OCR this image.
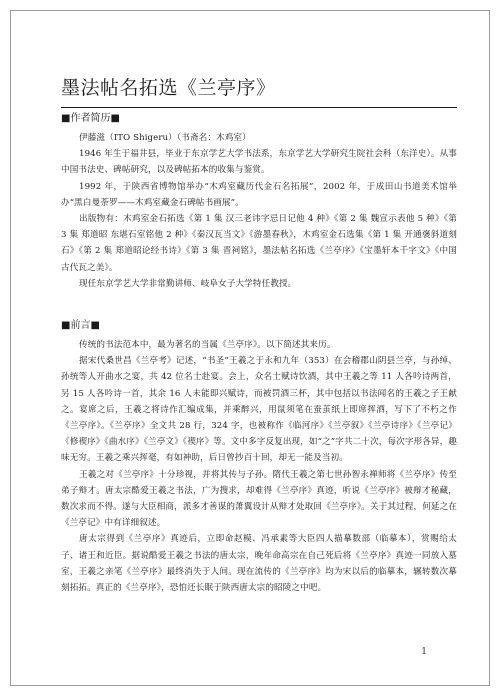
墨法帖名拓选《兰亭序》

■作者简历■

伊藤滋（ITO Shigeru）（书斋名：木鸡室）

1946 年生于福井县，毕业于东京学艺大学书法系，东京学艺大学研究生院社会科（东洋史）。从事中国书法史、碑帖研究，以及碑帖拓本的收集与鉴赏。

1992 年，于陕西省博物馆举办“木鸡室藏历代金石名拓展”，2002 年，于成田山书道美术馆举办“黑白曼荼罗——木鸡室藏金石碑帖书画展”。

出版物有：木鸡室金石拓选《第 1 集 汉三老讳字忌日记他 4 种》《第 2 集 魏宣示表他 5 种》《第 3 集 郑道昭 东堪石室铭他 2 种》《秦汉瓦当文》《游墨春秋》，木鸡室金石选集《第 1 集 开通褒斜道刻石》《第 2 集 郑道昭论经书诗》《第 3 集 晋祠铭》，墨法帖名拓选《兰亭序》《宝墨轩本千字文》《中国古代瓦之美》。

现任东京学艺大学非常勤讲师、岐阜女子大学特任教授。

■前言■

传统的书法范本中，最为著名的当属《兰亭序》。以下简述其来历。

据宋代桑世昌《兰亭考》记述，“书圣”王羲之于永和九年（353）在会稽郡山阴县兰亭，与孙绰、孙统等人开曲水之宴，共 42 位名士赴宴。会上，众名士赋诗饮酒，其中王羲之等 11 人各吟诗两首，另 15 人各吟诗一首，其余 16 人未能即兴赋诗，而被罚酒三杯，其中包括以书法闻名的王羲之子王献之。宴席之后，王羲之将诗作汇编成集，并乘醉兴，用鼠须笔在蚕茧纸上即席挥洒，写下了不朽之作《兰亭序》。《兰亭序》全文共 28 行，324 字，也被称作《临河序》《兰亭叙》《兰亭诗序》《兰亭记》《修禊序》《曲水序》《兰亭文》《禊序》等。文中多字反复出现，如“之”字共二十次，每次字形各异，趣味无穷。王羲之乘兴挥毫，有如神助，后日曾抄百十回，却无一能及当初。

王羲之对《兰亭序》十分珍视，并将其传与子孙。隋代王羲之第七世孙智永禅师将《兰亭序》传至弟子辩才。唐太宗酷爱王羲之书法，广为搜求，却难得《兰亭序》真迹，听说《兰亭序》被辩才秘藏，数次求而不得。遂与大臣相商，派多才善谋的萧翼设计从辩才处取回《兰亭序》。关于其过程，何延之在《兰亭记》中有详细叙述。

唐太宗得到《兰亭序》真迹后，立即命赵模、冯承素等大臣四人描摹数部（临摹本），赏赐给太子、诸王和近臣。据说酷爱王羲之书法的唐太宗，晚年命高宗在自己死后将《兰亭序》真迹一同放入墓室，王羲之亲笔《兰亭序》最终消失于人间。现在流传的《兰亭序》均为宋以后的临摹本，辗转数次摹刻拓拓。真正的《兰亭序》，恐怕还长眠于陕西唐太宗的昭陵之中吧。

1
